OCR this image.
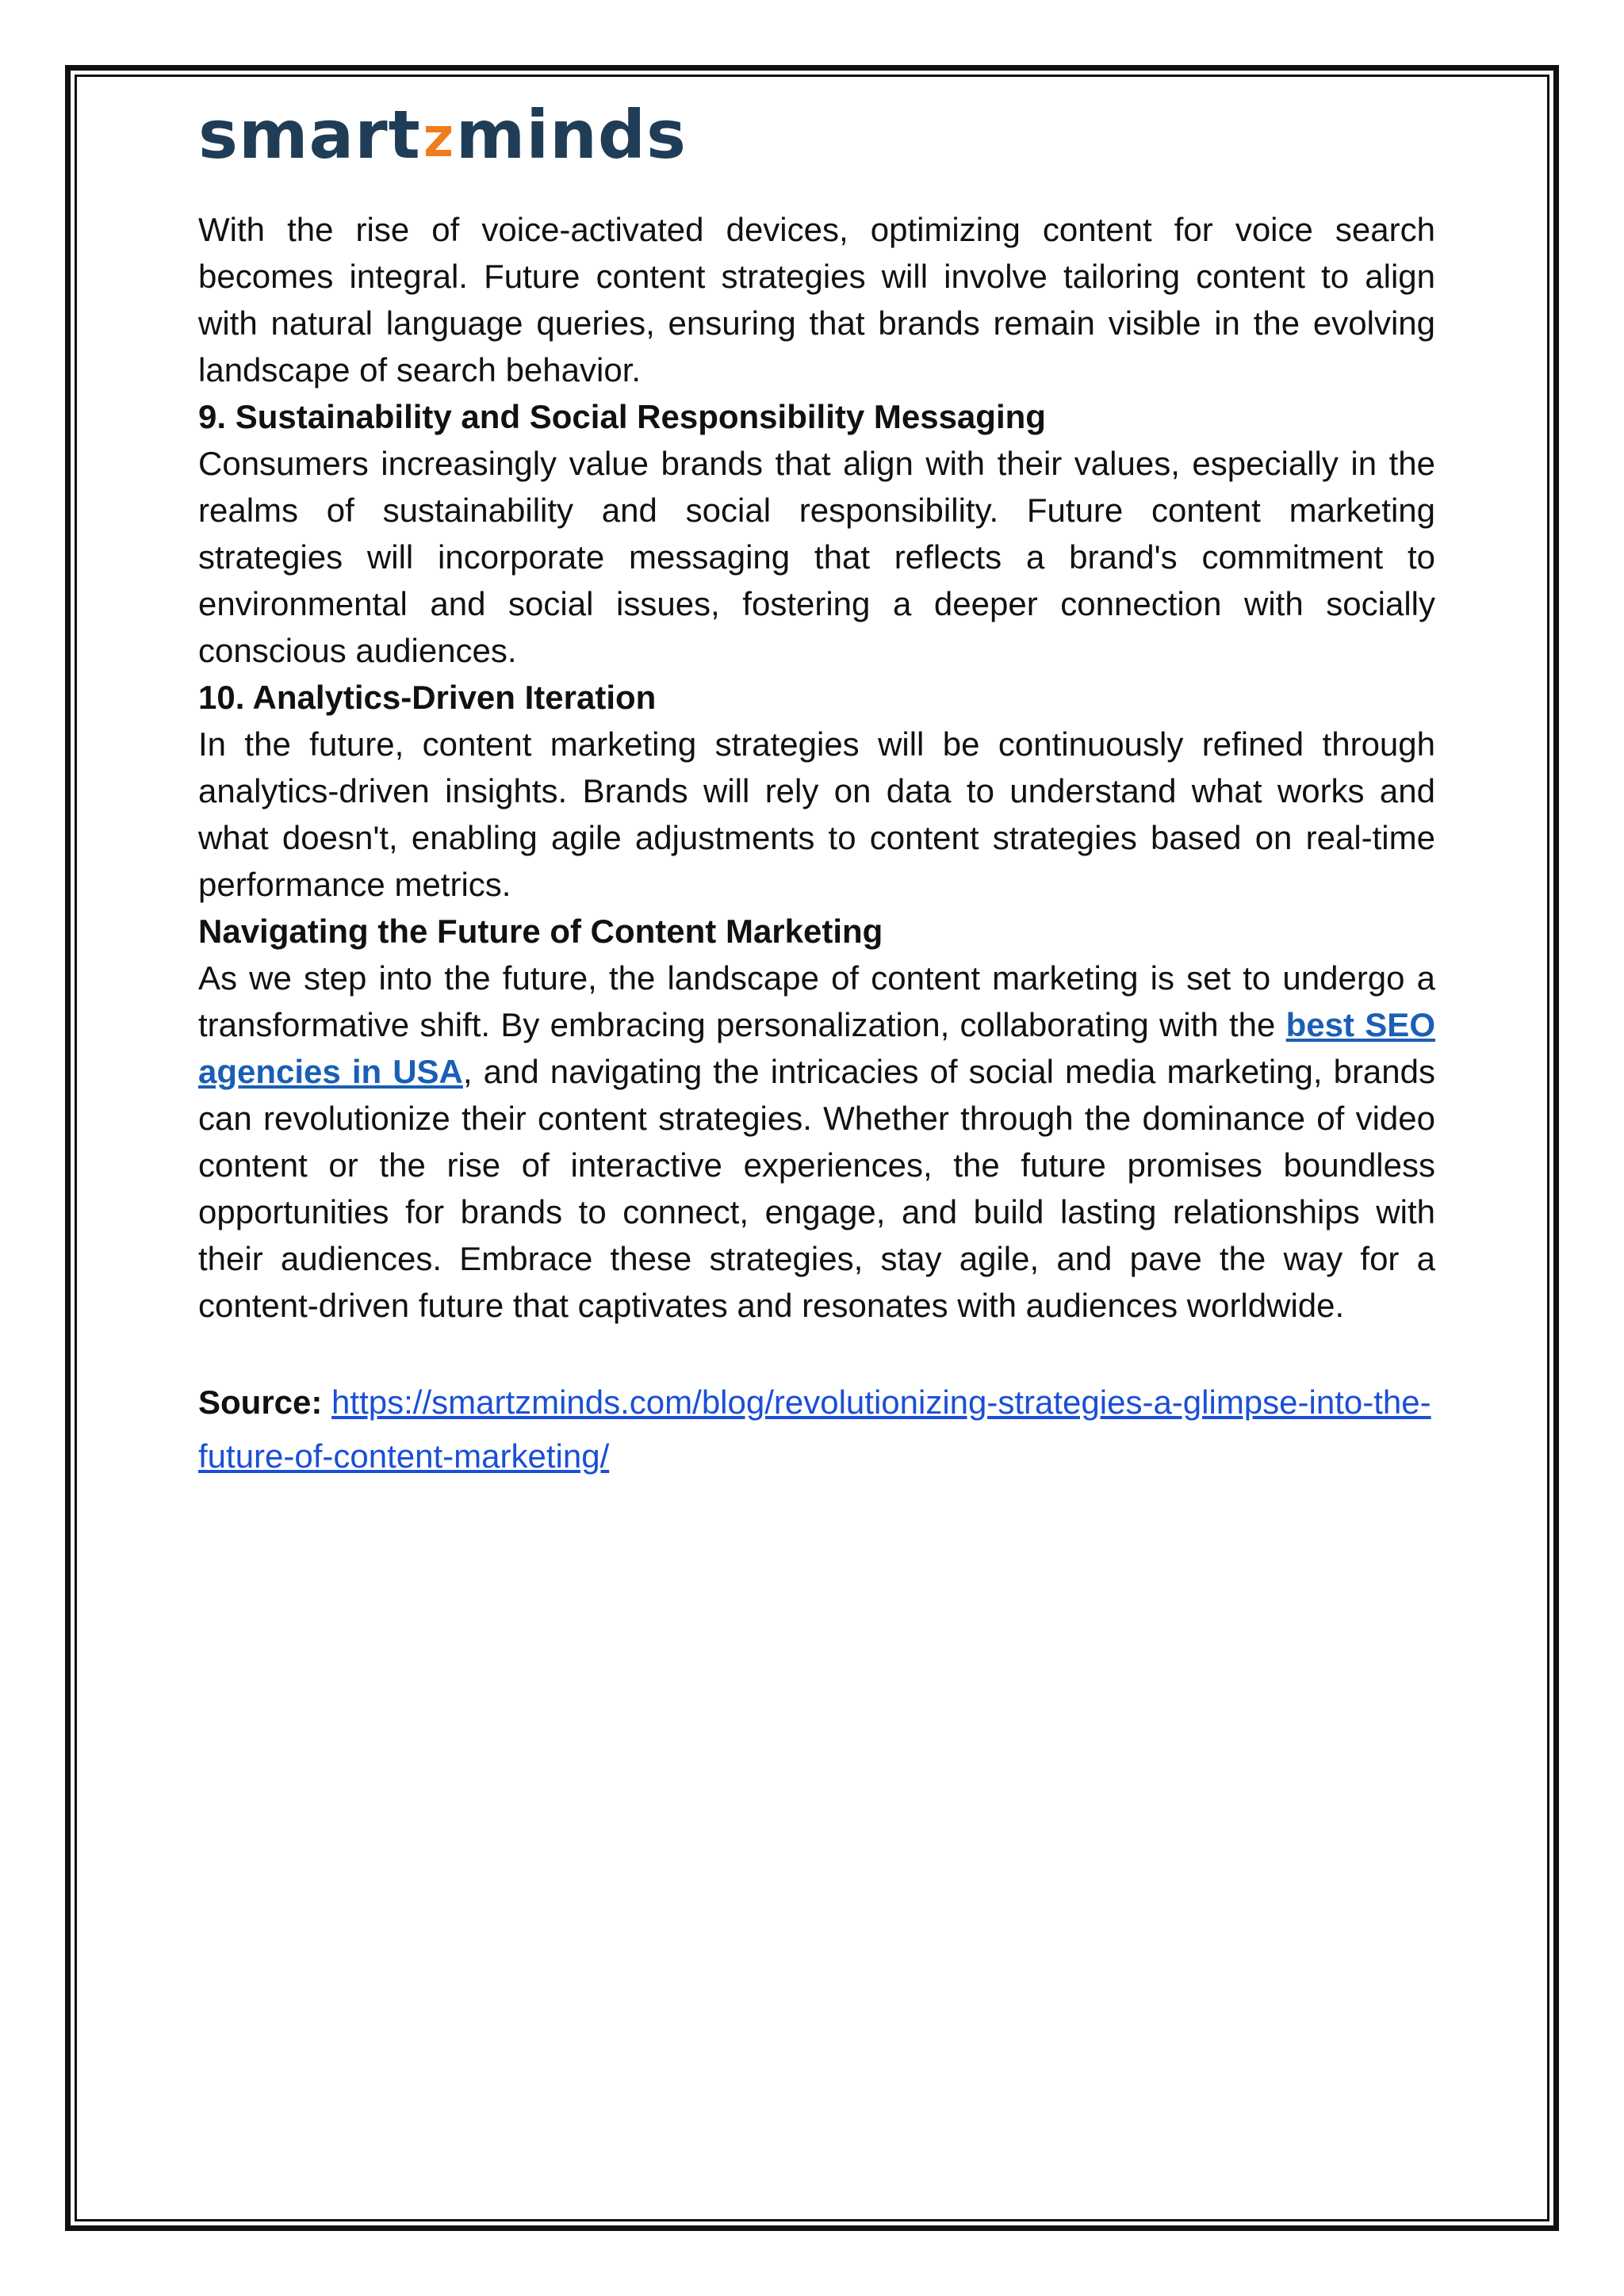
smart minds

With the rise of voice-activated devices, optimizing content for voice search becomes integral. Future content strategies will involve tailoring content to align with natural language queries, ensuring that brands remain visible in the evolving landscape of search behavior.

9. Sustainability and Social Responsibility Messaging

Consumers increasingly value brands that align with their values, especially in the realms of sustainability and social responsibility. Future content marketing strategies will incorporate messaging that reflects a brand's commitment to environmental and social issues, fostering a deeper connection with socially conscious audiences.

10. Analytics-Driven Iteration

In the future, content marketing strategies will be continuously refined through analytics-driven insights. Brands will rely on data to understand what works and what doesn't, enabling agile adjustments to content strategies based on real-time performance metrics.

Navigating the Future of Content Marketing

As we step into the future, the landscape of content marketing is set to undergo a transformative shift. By embracing personalization, collaborating with the best SEO agencies in USA, and navigating the intricacies of social media marketing, brands can revolutionize their content strategies. Whether through the dominance of video content or the rise of interactive experiences, the future promises boundless opportunities for brands to connect, engage, and build lasting relationships with their audiences. Embrace these strategies, stay agile, and pave the way for a content-driven future that captivates and resonates with audiences worldwide.

Source: https://smartzminds.com/blog/revolutionizing-strategies-a-glimpse-into-the-future-of-content-marketing/
